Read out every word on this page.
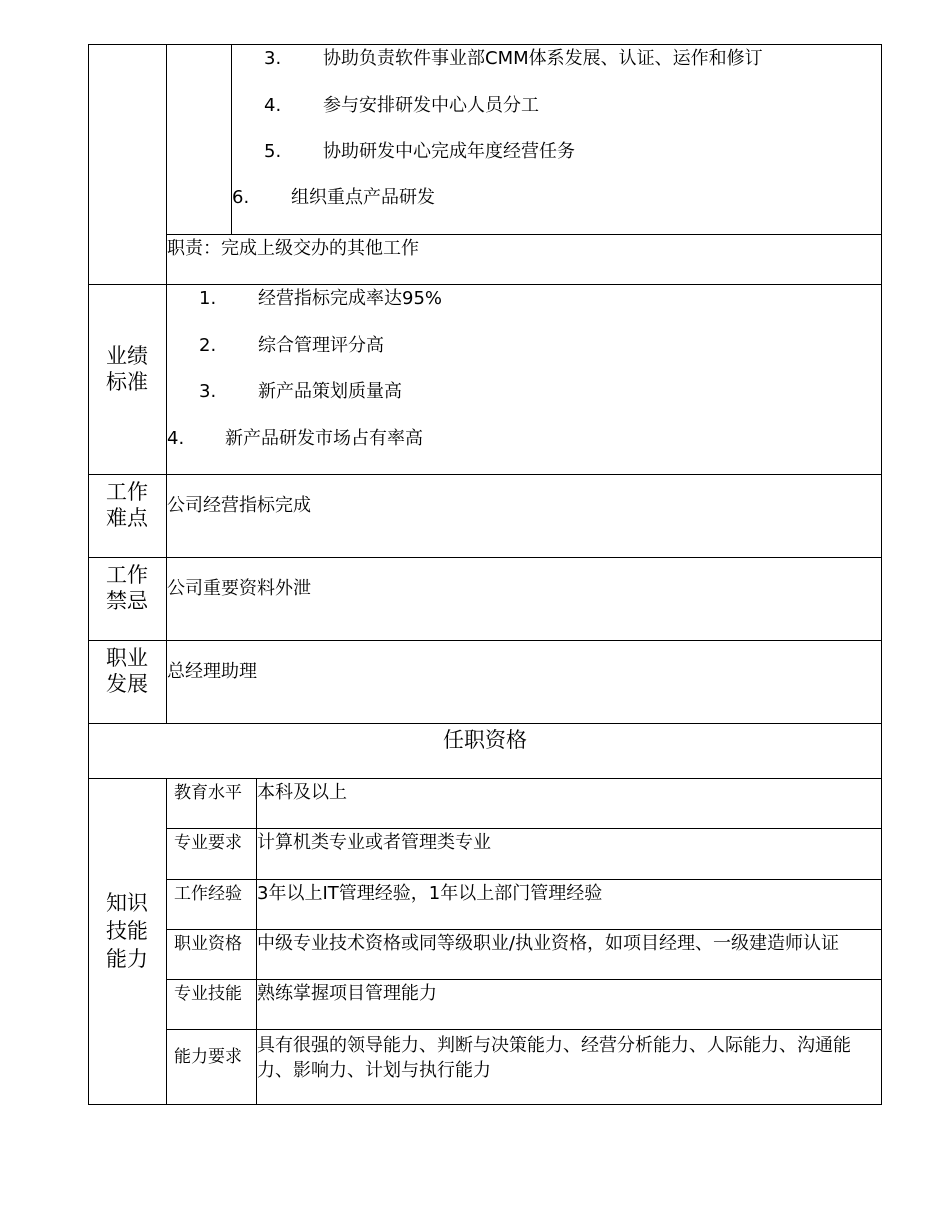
3. 协助负责软件事业部CMM体系发展、认证、运作和修订
4. 参与安排研发中心人员分工
5. 协助研发中心完成年度经营任务
6. 组织重点产品研发
职责：完成上级交办的其他工作
业绩
标准
1. 经营指标完成率达95%
2. 综合管理评分高
3. 新产品策划质量高
4. 新产品研发市场占有率高
工作
难点
公司经营指标完成
工作
禁忌
公司重要资料外泄
职业
发展
总经理助理
任职资格
知识
技能
能力
教育水平 本科及以上
专业要求 计算机类专业或者管理类专业
工作经验 3年以上IT管理经验，1年以上部门管理经验
职业资格 中级专业技术资格或同等级职业/执业资格，如项目经理、一级建造师认证
专业技能 熟练掌握项目管理能力
能力要求
具有很强的领导能力、判断与决策能力、经营分析能力、人际能力、沟通能力、影响力、计划与执行能力
